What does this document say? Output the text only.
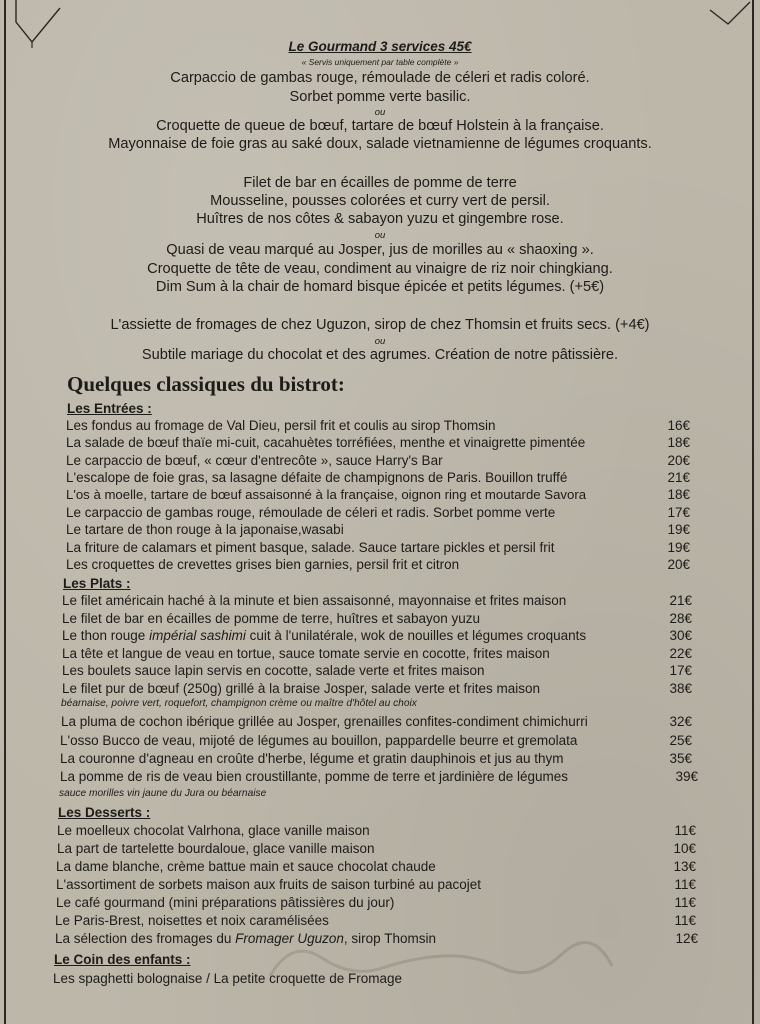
Le Gourmand 3 services 45€
« Servis uniquement par table complète »
Carpaccio de gambas rouge, rémoulade de céleri et radis coloré.
Sorbet pomme verte basilic.
ou
Croquette de queue de bœuf, tartare de bœuf Holstein à la française.
Mayonnaise de foie gras au saké doux, salade vietnamienne de légumes croquants.
Filet de bar en écailles de pomme de terre
Mousseline, pousses colorées et curry vert de persil.
Huîtres de nos côtes & sabayon yuzu et gingembre rose.
ou
Quasi de veau marqué au Josper, jus de morilles au « shaoxing ».
Croquette de tête de veau, condiment au vinaigre de riz noir chingkiang.
Dim Sum à la chair de homard bisque épicée et petits légumes. (+5€)
L'assiette de fromages de chez Uguzon, sirop de chez Thomsin et fruits secs. (+4€)
ou
Subtile mariage du chocolat et des agrumes. Création de notre pâtissière.
Quelques classiques du bistrot:
Les Entrées :
Les fondus au fromage de Val Dieu, persil frit et coulis au sirop Thomsin	16€
La salade de bœuf thaïe mi-cuit, cacahuètes torréfiées, menthe et vinaigrette pimentée	18€
Le carpaccio de bœuf, « cœur d'entrecôte », sauce Harry's Bar	20€
L'escalope de foie gras, sa lasagne défaite de champignons de Paris. Bouillon truffé	21€
L'os à moelle, tartare de bœuf assaisonné à la française, oignon ring et moutarde Savora	18€
Le carpaccio de gambas rouge, rémoulade de céleri et radis. Sorbet pomme verte	17€
Le tartare de thon rouge à la japonaise,wasabi	19€
La friture de calamars et piment basque, salade. Sauce tartare pickles et persil frit	19€
Les croquettes de crevettes grises bien garnies, persil frit et citron	20€
Les Plats :
Le filet américain haché à la minute et bien assaisonné, mayonnaise et frites maison	21€
Le filet de bar en écailles de pomme de terre, huîtres et sabayon yuzu	28€
Le thon rouge impérial sashimi cuit à l'unilatérale, wok de nouilles et légumes croquants	30€
La tête et langue de veau en tortue, sauce tomate servie en cocotte, frites maison	22€
Les boulets sauce lapin servis en cocotte, salade verte et frites maison	17€
Le filet pur de bœuf (250g) grillé à la braise Josper, salade verte et frites maison	38€
béarnaise, poivre vert, roquefort, champignon crème ou maître d'hôtel au choix
La pluma de cochon ibérique grillée au Josper, grenailles confites-condiment chimichurri	32€
L'osso Bucco de veau, mijoté de légumes au bouillon, pappardelle beurre et gremolata	25€
La couronne d'agneau en croûte d'herbe, légume et gratin dauphinois et jus au thym	35€
La pomme de ris de veau bien croustillante, pomme de terre et jardinière de légumes	39€
sauce morilles vin jaune du Jura ou béarnaise
Les Desserts :
Le moelleux chocolat Valrhona, glace vanille maison	11€
La part de tartelette bourdaloue, glace vanille maison	10€
La dame blanche, crème battue main et sauce chocolat chaude	13€
L'assortiment de sorbets maison aux fruits de saison turbiné au pacojet	11€
Le café gourmand (mini préparations pâtissières du jour)	11€
Le Paris-Brest, noisettes et noix caramélisées	11€
La sélection des fromages du Fromager Uguzon, sirop Thomsin	12€
Le Coin des enfants :
Les spaghetti bolognaise / La petite croquette de Fromage
